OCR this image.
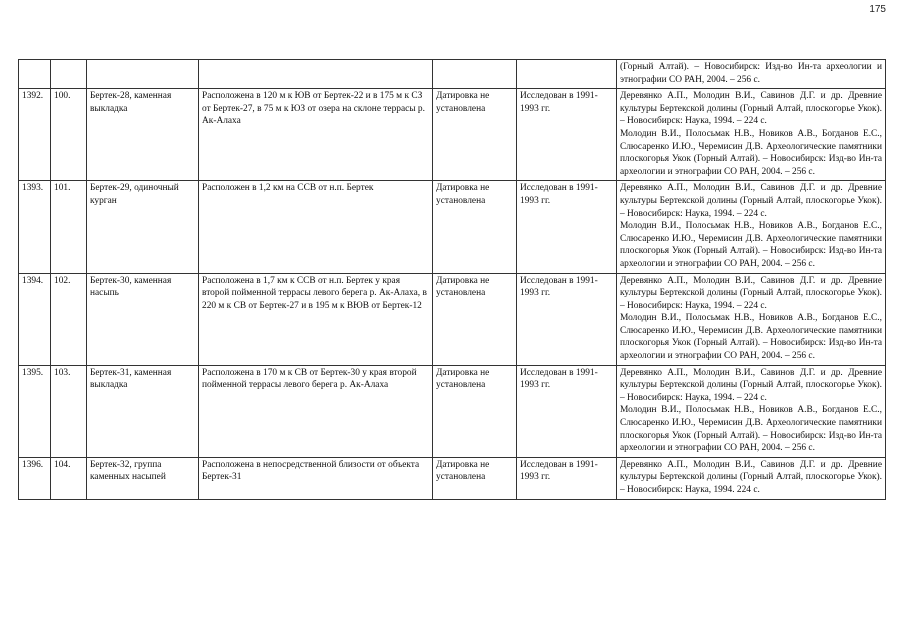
175
						(Горный Алтай). – Новосибирск: Изд-во Ин-та археологии и этнографии СО РАН, 2004. – 256 с.
1392.	100.	Бертек-28, каменная выкладка	Расположена в 120 м к ЮВ от Бертек-22 и в 175 м к СЗ от Бертек-27, в 75 м к ЮЗ от озера на склоне террасы р. Ак-Алаха	Датировка не установлена	Исследован в 1991-1993 гг.	Деревянко А.П., Молодин В.И., Савинов Д.Г. и др. Древние культуры Бертекской долины (Горный Алтай, плоскогорье Укок). – Новосибирск: Наука, 1994. – 224 с.
Молодин В.И., Полосьмак Н.В., Новиков А.В., Богданов Е.С., Слюсаренко И.Ю., Черемисин Д.В. Археологические памятники плоскогорья Укок (Горный Алтай). – Новосибирск: Изд-во Ин-та археологии и этнографии СО РАН, 2004. – 256 с.

1393.	101.	Бертек-29, одиночный курган	Расположен в 1,2 км на ССВ от н.п. Бертек	Датировка не установлена	Исследован в 1991-1993 гг.	Деревянко А.П., Молодин В.И., Савинов Д.Г. и др. Древние культуры Бертекской долины (Горный Алтай, плоскогорье Укок). – Новосибирск: Наука, 1994. – 224 с.
Молодин В.И., Полосьмак Н.В., Новиков А.В., Богданов Е.С., Слюсаренко И.Ю., Черемисин Д.В. Археологические памятники плоскогорья Укок (Горный Алтай). – Новосибирск: Изд-во Ин-та археологии и этнографии СО РАН, 2004. – 256 с.

1394.	102.	Бертек-30, каменная насыпь	Расположена в 1,7 км к ССВ от н.п. Бертек у края второй пойменной террасы левого берега р. Ак-Алаха, в 220 м к СВ от Бертек-27 и в 195 м к ВЮВ от Бертек-12	Датировка не установлена	Исследован в 1991-1993 гг.	Деревянко А.П., Молодин В.И., Савинов Д.Г. и др. Древние культуры Бертекской долины (Горный Алтай, плоскогорье Укок). – Новосибирск: Наука, 1994. – 224 с.
Молодин В.И., Полосьмак Н.В., Новиков А.В., Богданов Е.С., Слюсаренко И.Ю., Черемисин Д.В. Археологические памятники плоскогорья Укок (Горный Алтай). – Новосибирск: Изд-во Ин-та археологии и этнографии СО РАН, 2004. – 256 с.

1395.	103.	Бертек-31, каменная выкладка	Расположена в 170 м к СВ от Бертек-30 у края второй пойменной террасы левого берега р. Ак-Алаха	Датировка не установлена	Исследован в 1991-1993 гг.	Деревянко А.П., Молодин В.И., Савинов Д.Г. и др. Древние культуры Бертекской долины (Горный Алтай, плоскогорье Укок). – Новосибирск: Наука, 1994. – 224 с.
Молодин В.И., Полосьмак Н.В., Новиков А.В., Богданов Е.С., Слюсаренко И.Ю., Черемисин Д.В. Археологические памятники плоскогорья Укок (Горный Алтай). – Новосибирск: Изд-во Ин-та археологии и этнографии СО РАН, 2004. – 256 с.

1396.	104.	Бертек-32, группа каменных насыпей	Расположена в непосредственной близости от объекта Бертек-31	Датировка не установлена	Исследован в 1991-1993 гг.	Деревянко А.П., Молодин В.И., Савинов Д.Г. и др. Древние культуры Бертекской долины (Горный Алтай, плоскогорье Укок). – Новосибирск: Наука, 1994. 224 с.
